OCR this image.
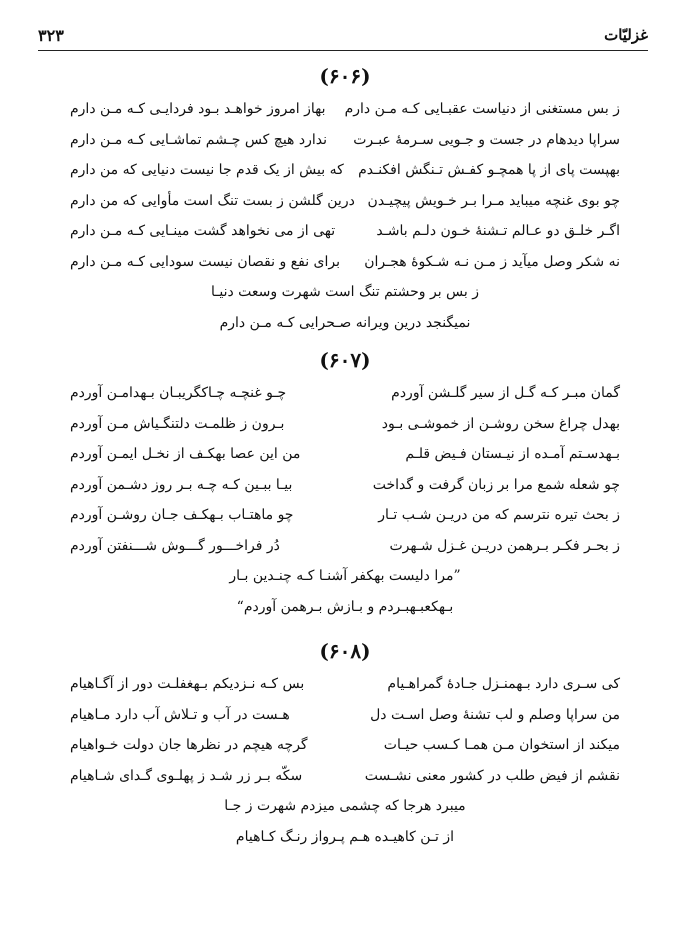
۳۲۳	غزلیّات
(۶۰۶)
ز بس مستغنی از دنیاست عقبـایی کـه مـن دارم
بهاز امروز خواهـد بـود فردایـی کـه مـن دارم
سراپا دیدهام در جست و جـویی سـرمهٔ عبـرت
ندارد هیچ کس چـشم تماشـایی کـه مـن دارم
بهپست پای از پا همچـو کفـش تـنگش افکنـدم
که بیش از یک قدم جا نیست دنیایی که من دارم
چو بوی غنچه میباید مـرا بـر خـویش پیچیـدن
درین گلشن ز بست تنگ است مأوایی که من دارم
اگـر خلـق دو عـالم تـشنهٔ خـون دلـم باشـد
تهی از می نخواهد گشت مینـایی کـه مـن دارم
نه شکر وصل میآید ز مـن نـه شـکوهٔ هجـران
برای نفع و نقصان نیست سودایی کـه مـن دارم
ز بس بر وحشتم تنگ است شهرت وسعت دنیـا
نمیگنجد درین ویرانه صـحرایی کـه مـن دارم
(۶۰۷)
گمان مبـر کـه گـل از سیر گلـشن آوردم
چـو غنچـه چـاکگریبـان بـهدامـن آوردم
بهدل چراغ سخن روشـن از خموشـی بـود
بـرون ز ظلمـت دلتنگـیاش مـن آوردم
بـهدسـتم آمـده از نیـستان فـیض قلـم
من این عصا بهکـف از نخـل ایمـن آوردم
چو شعله شمع مرا بر زبان گرفت و گداخت
بیـا ببـین کـه چـه بـر روز دشـمن آوردم
ز بحث تیره نترسم که من دریـن شـب تـار
چو ماهتـاب بـهکـف جـان روشـن آوردم
ز بحـر فکـر بـرهمن دریـن غـزل شـهرت
دُر فراخـــور گـــوش شـــنفتن آوردم
”مرا دلیست بهکفر آشنـا کـه چنـدین بـار
بـهکعبـهبـردم و بـازش بـرهمن آوردم“
(۶۰۸)
کی سـری دارد بـهمنـزل جـادهٔ گمراهـیام
بس کـه نـزدیکم بـهغفلـت دور از آگـاهیام
من سراپا وصلم و لب تشنهٔ وصل اسـت دل
هـست در آب و تـلاش آب دارد مـاهیام
میکند از استخوان مـن همـا کـسب حیـات
گرچه هیچم در نظرها جان دولت خـواهیام
نقشم از فیض طلب در کشور معنی نشـست
سکّه بـر زر شـد ز پهلـوی گـدای شـاهیام
میبرد هرجا که چشمی میزدم شهرت ز جـا
از تـن کاهیـده هـم پـرواز رنـگ کـاهیام
